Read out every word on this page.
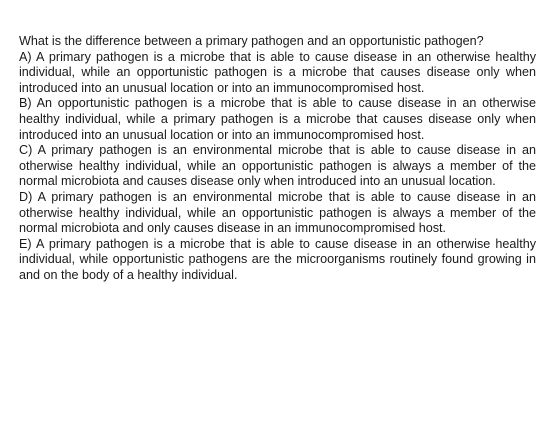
What is the difference between a primary pathogen and an opportunistic pathogen?

A) A primary pathogen is a microbe that is able to cause disease in an otherwise healthy individual, while an opportunistic pathogen is a microbe that causes disease only when introduced into an unusual location or into an immunocompromised host.

B) An opportunistic pathogen is a microbe that is able to cause disease in an otherwise healthy individual, while a primary pathogen is a microbe that causes disease only when introduced into an unusual location or into an immunocompromised host.

C) A primary pathogen is an environmental microbe that is able to cause disease in an otherwise healthy individual, while an opportunistic pathogen is always a member of the normal microbiota and causes disease only when introduced into an unusual location.

D) A primary pathogen is an environmental microbe that is able to cause disease in an otherwise healthy individual, while an opportunistic pathogen is always a member of the normal microbiota and only causes disease in an immunocompromised host.

E) A primary pathogen is a microbe that is able to cause disease in an otherwise healthy individual, while opportunistic pathogens are the microorganisms routinely found growing in and on the body of a healthy individual.
